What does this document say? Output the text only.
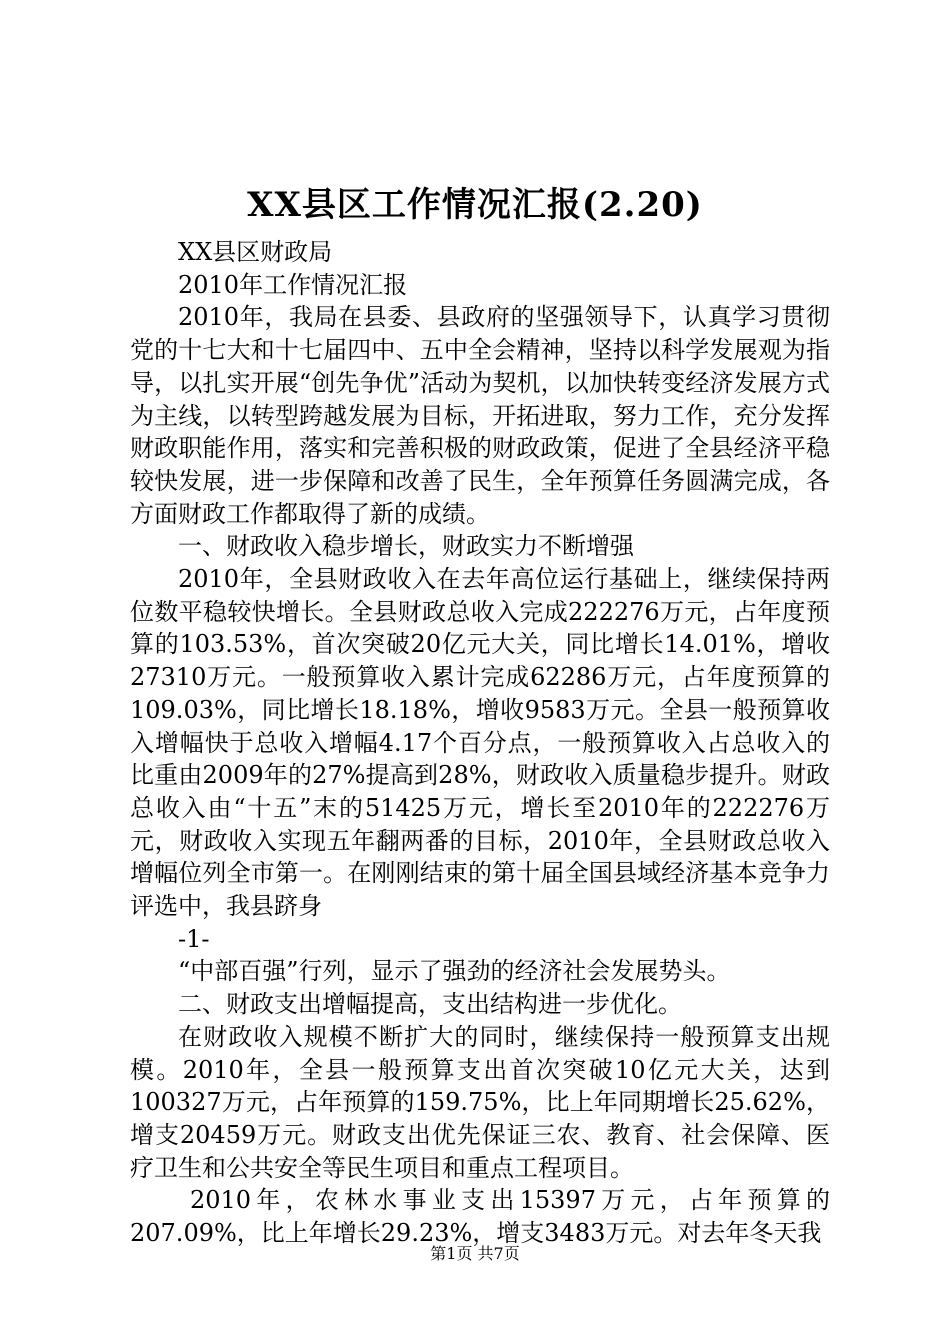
XX县区工作情况汇报(2.20)

XX县区财政局

2010年工作情况汇报

2010年，我局在县委、县政府的坚强领导下，认真学习贯彻党的十七大和十七届四中、五中全会精神，坚持以科学发展观为指导，以扎实开展“创先争优”活动为契机，以加快转变经济发展方式为主线，以转型跨越发展为目标，开拓进取，努力工作，充分发挥财政职能作用，落实和完善积极的财政政策，促进了全县经济平稳较快发展，进一步保障和改善了民生，全年预算任务圆满完成，各方面财政工作都取得了新的成绩。

一、财政收入稳步增长，财政实力不断增强

2010年，全县财政收入在去年高位运行基础上，继续保持两位数平稳较快增长。全县财政总收入完成222276万元，占年度预算的103.53%，首次突破20亿元大关，同比增长14.01%，增收27310万元。一般预算收入累计完成62286万元，占年度预算的109.03%，同比增长18.18%，增收9583万元。全县一般预算收入增幅快于总收入增幅4.17个百分点，一般预算收入占总收入的比重由2009年的27%提高到28%，财政收入质量稳步提升。财政总收入由“十五”末的51425万元，增长至2010年的222276万元，财政收入实现五年翻两番的目标，2010年，全县财政总收入增幅位列全市第一。在刚刚结束的第十届全国县域经济基本竞争力评选中，我县跻身

-1-

“中部百强”行列，显示了强劲的经济社会发展势头。

二、财政支出增幅提高，支出结构进一步优化。

在财政收入规模不断扩大的同时，继续保持一般预算支出规模。2010年，全县一般预算支出首次突破10亿元大关，达到100327万元，占年预算的159.75%，比上年同期增长25.62%，增支20459万元。财政支出优先保证三农、教育、社会保障、医疗卫生和公共安全等民生项目和重点工程项目。

2010年，农林水事业支出15397万元，占年预算的207.09%，比上年增长29.23%，增支3483万元。对去年冬天我

第1页 共7页
